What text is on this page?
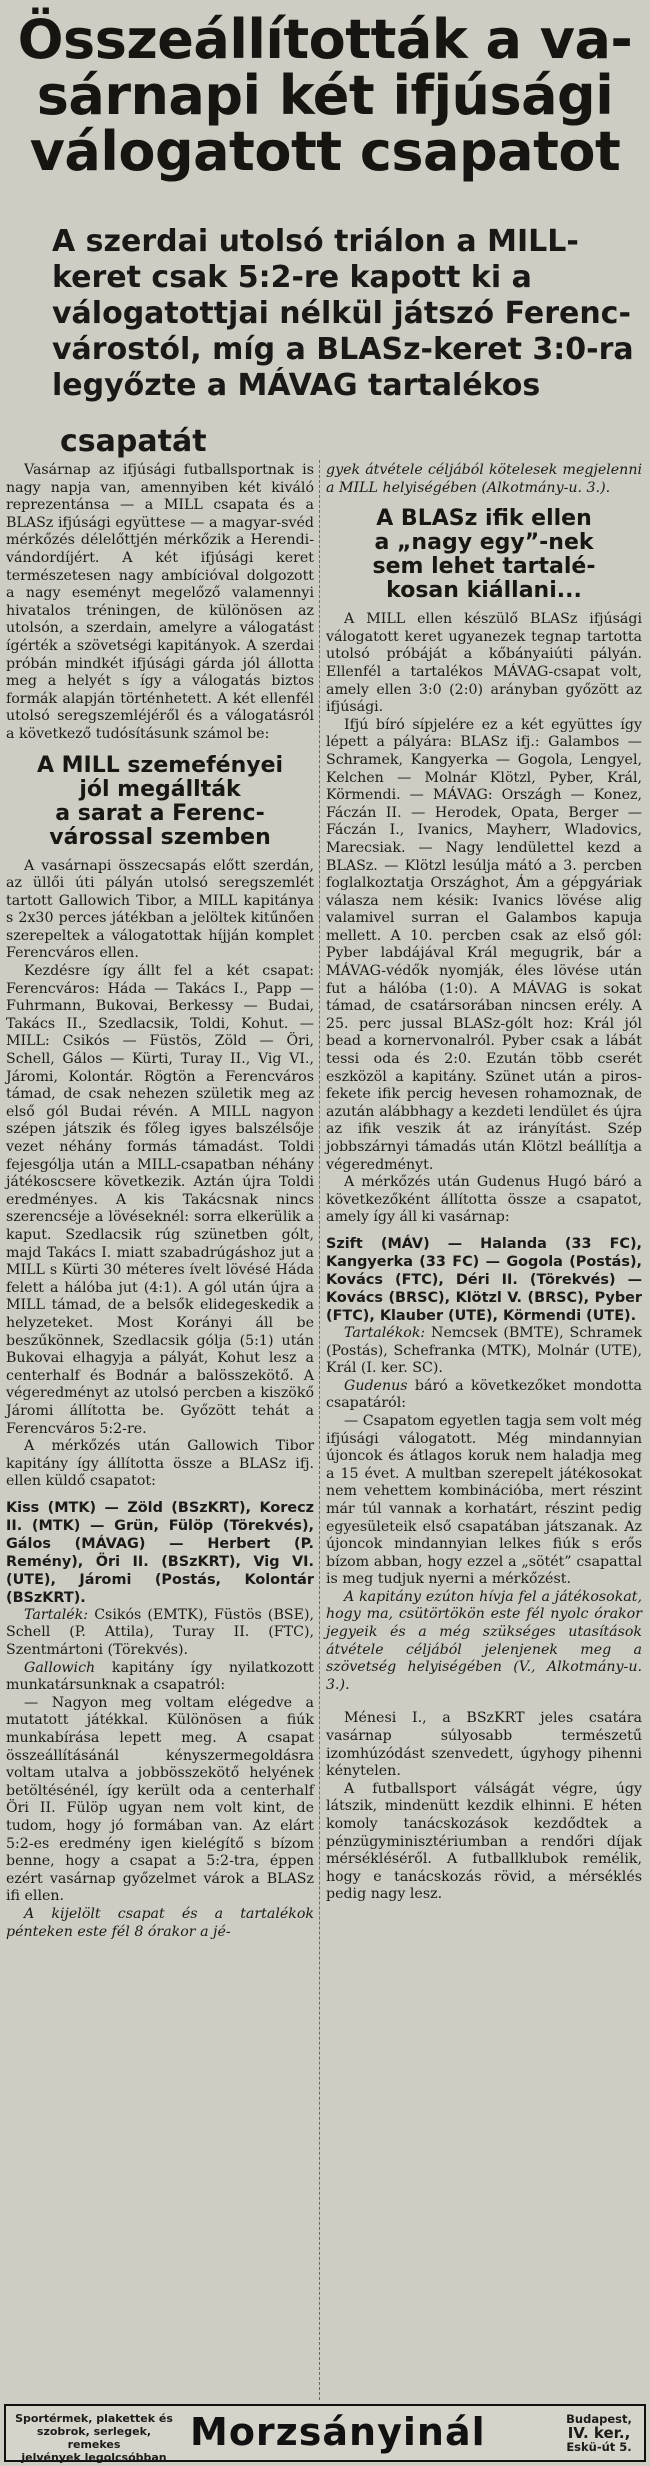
Összeállították a va-
sárnapi két ifjúsági
válogatott csapatot
A szerdai utolsó triálon a MILL-
keret csak 5:2-re kapott ki a
válogatottjai nélkül játszó Ferenc-
várostól, míg a BLASz-keret 3:0-ra
legyőzte a MÁVAG tartalékos
csapatát

Vasárnap az ifjúsági futballsportnak is nagy napja van, amennyiben két kiváló reprezentánsa — a MILL csapata és a BLASz ifjúsági együttese — a magyar-svéd mérkőzés délelőttjén mérkőzik a Herendi-vándordíjért. A két ifjúsági keret természetesen nagy ambícióval dolgozott a nagy eseményt megelőző valamennyi hivatalos tréningen, de különösen az utolsón, a szerdain, amelyre a válogatást ígérték a szövetségi kapitányok. A szerdai próbán mindkét ifjúsági gárda jól állotta meg a helyét s így a válogatás biztos formák alapján történhetett. A két ellenfél utolsó seregszemléjéről és a válogatásról a következő tudósításunk számol be:

A MILL szemefényei
jól megállták
a sarat a Ferenc-
várossal szemben

A vasárnapi összecsapás előtt szerdán, az üllői úti pályán utolsó seregszemlét tartott Gallowich Tibor, a MILL kapitánya s 2x30 perces játékban a jelöltek kitűnően szerepeltek a válogatottak híjján komplet Ferencváros ellen.

Kezdésre így állt fel a két csapat: Ferencváros: Háda — Takács I., Papp — Fuhrmann, Bukovai, Berkessy — Budai, Takács II., Szedlacsik, Toldi, Kohut. — MILL: Csikós — Füstös, Zöld — Öri, Schell, Gálos — Kürti, Turay II., Vig VI., Járomi, Kolontár. Rögtön a Ferencváros támad, de csak nehezen születik meg az első gól Budai révén. A MILL nagyon szépen játszik és főleg igyes balszélsője vezet néhány formás támadást. Toldi fejesgólja után a MILL-csapatban néhány játékoscsere következik. Aztán újra Toldi eredményes. A kis Takácsnak nincs szerencséje a lövéseknél: sorra elkerülik a kaput. Szedlacsik rúg szünetben gólt, majd Takács I. miatt szabadrúgáshoz jut a MILL s Kürti 30 méteres ívelt lövésé Háda felett a hálóba jut (4:1). A gól után újra a MILL támad, de a belsők elidegeskedik a helyzeteket. Most Korányi áll be beszűkönnek, Szedlacsik gólja (5:1) után Bukovai elhagyja a pályát, Kohut lesz a centerhalf és Bodnár a balösszekötő. A végeredményt az utolsó percben a kiszökő Járomi állította be. Győzött tehát a Ferencváros 5:2-re.

A mérkőzés után Gallowich Tibor kapitány így állította össze a BLASz ifj. ellen küldő csapatot:

Kiss (MTK) — Zöld (BSzKRT), Korecz II. (MTK) — Grün, Fülöp (Törekvés), Gálos (MÁVAG) — Herbert (P. Remény), Öri II. (BSzKRT), Vig VI. (UTE), Járomi (Postás, Kolontár (BSzKRT).

Tartalék: Csikós (EMTK), Füstös (BSE), Schell (P. Attila), Turay II. (FTC), Szentmártoni (Törekvés).

Gallowich kapitány így nyilatkozott munkatársunknak a csapatról:

— Nagyon meg voltam elégedve a mutatott játékkal. Különösen a fiúk munkabírása lepett meg. A csapat összeállításánál kényszermegoldásra voltam utalva a jobbösszekötő helyének betöltésénél, így került oda a centerhalf Öri II. Fülöp ugyan nem volt kint, de tudom, hogy jó formában van. Az elárt 5:2-es eredmény igen kielégítő s bízom benne, hogy a csapat a 5:2-tra, éppen ezért vasárnap győzelmet várok a BLASz ifi ellen.

A kijelölt csapat és a tartalékok pénteken este fél 8 órakor a jé-

gyek átvétele céljából kötelesek megjelenni a MILL helyiségében (Alkotmány-u. 3.).

A BLASz ifik ellen
a „nagy egy”-nek
sem lehet tartalé-
kosan kiállani...

A MILL ellen készülő BLASz ifjúsági válogatott keret ugyanezek tegnap tartotta utolsó próbáját a kőbányaiúti pályán. Ellenfél a tartalékos MÁVAG-csapat volt, amely ellen 3:0 (2:0) arányban győzött az ifjúsági.

Ifjú bíró sípjelére ez a két együttes így lépett a pályára: BLASz ifj.: Galambos — Schramek, Kangyerka — Gogola, Lengyel, Kelchen — Molnár Klötzl, Pyber, Král, Körmendi. — MÁVAG: Országh — Konez, Fáczán II. — Herodek, Opata, Berger — Fáczán I., Ivanics, Mayherr, Wladovics, Marecsiak. — Nagy lendülettel kezd a BLASz. — Klötzl lesúlja mátó a 3. percben foglalkoztatja Országhot, Ám a gépgyáriak válasza nem késik: Ivanics lövése alig valamivel surran el Galambos kapuja mellett. A 10. percben csak az első gól: Pyber labdájával Král megugrik, bár a MÁVAG-védők nyomják, éles lövése után fut a hálóba (1:0). A MÁVAG is sokat támad, de csatársorában nincsen erély. A 25. perc jussal BLASz-gólt hoz: Král jól bead a kornervonalról. Pyber csak a lábát tessi oda és 2:0. Ezután több cserét eszközöl a kapitány. Szünet után a piros-fekete ifik percig hevesen rohamoznak, de azután alábbhagy a kezdeti lendület és újra az ifik veszik át az irányítást. Szép jobbszárnyi támadás után Klötzl beállítja a végeredményt.

A mérkőzés után Gudenus Hugó báró a következőként állította össze a csapatot, amely így áll ki vasárnap:

Szift (MÁV) — Halanda (33 FC), Kangyerka (33 FC) — Gogola (Postás), Kovács (FTC), Déri II. (Törekvés) — Kovács (BRSC), Klötzl V. (BRSC), Pyber (FTC), Klauber (UTE), Körmendi (UTE).

Tartalékok: Nemcsek (BMTE), Schramek (Postás), Schefranka (MTK), Molnár (UTE), Král (I. ker. SC).

Gudenus báró a következőket mondotta csapatáról:

— Csapatom egyetlen tagja sem volt még ifjúsági válogatott. Még mindannyian újoncok és átlagos koruk nem haladja meg a 15 évet. A multban szerepelt játékosokat nem vehettem kombinációba, mert részint már túl vannak a korhatárt, részint pedig egyesületeik első csapatában játszanak. Az újoncok mindannyian lelkes fiúk s erős bízom abban, hogy ezzel a „sötét” csapattal is meg tudjuk nyerni a mérkőzést.

A kapitány ezúton hívja fel a játékosokat, hogy ma, csütörtökön este fél nyolc órakor jegyeik és a még szükséges utasítások átvétele céljából jelenjenek meg a szövetség helyiségében (V., Alkotmány-u. 3.).

Ménesi I., a BSzKRT jeles csatára vasárnap súlyosabb természetű izomhúzódást szenvedett, úgyhogy pihenni kénytelen.

A futballsport válságát végre, úgy látszik, mindenütt kezdik elhinni. E héten komoly tanácskozások kezdődtek a pénzügyminisztériumban a rendőri díjak mérsékléséről. A futballklubok remélik, hogy e tanácskozás rövid, a mérséklés pedig nagy lesz.

Sportérmek, plakettek és
szobrok, serlegek, remekes
jelvények legolcsóbban
Morzsányinál	Budapest,
IV. ker.,
Eskü-út 5.
